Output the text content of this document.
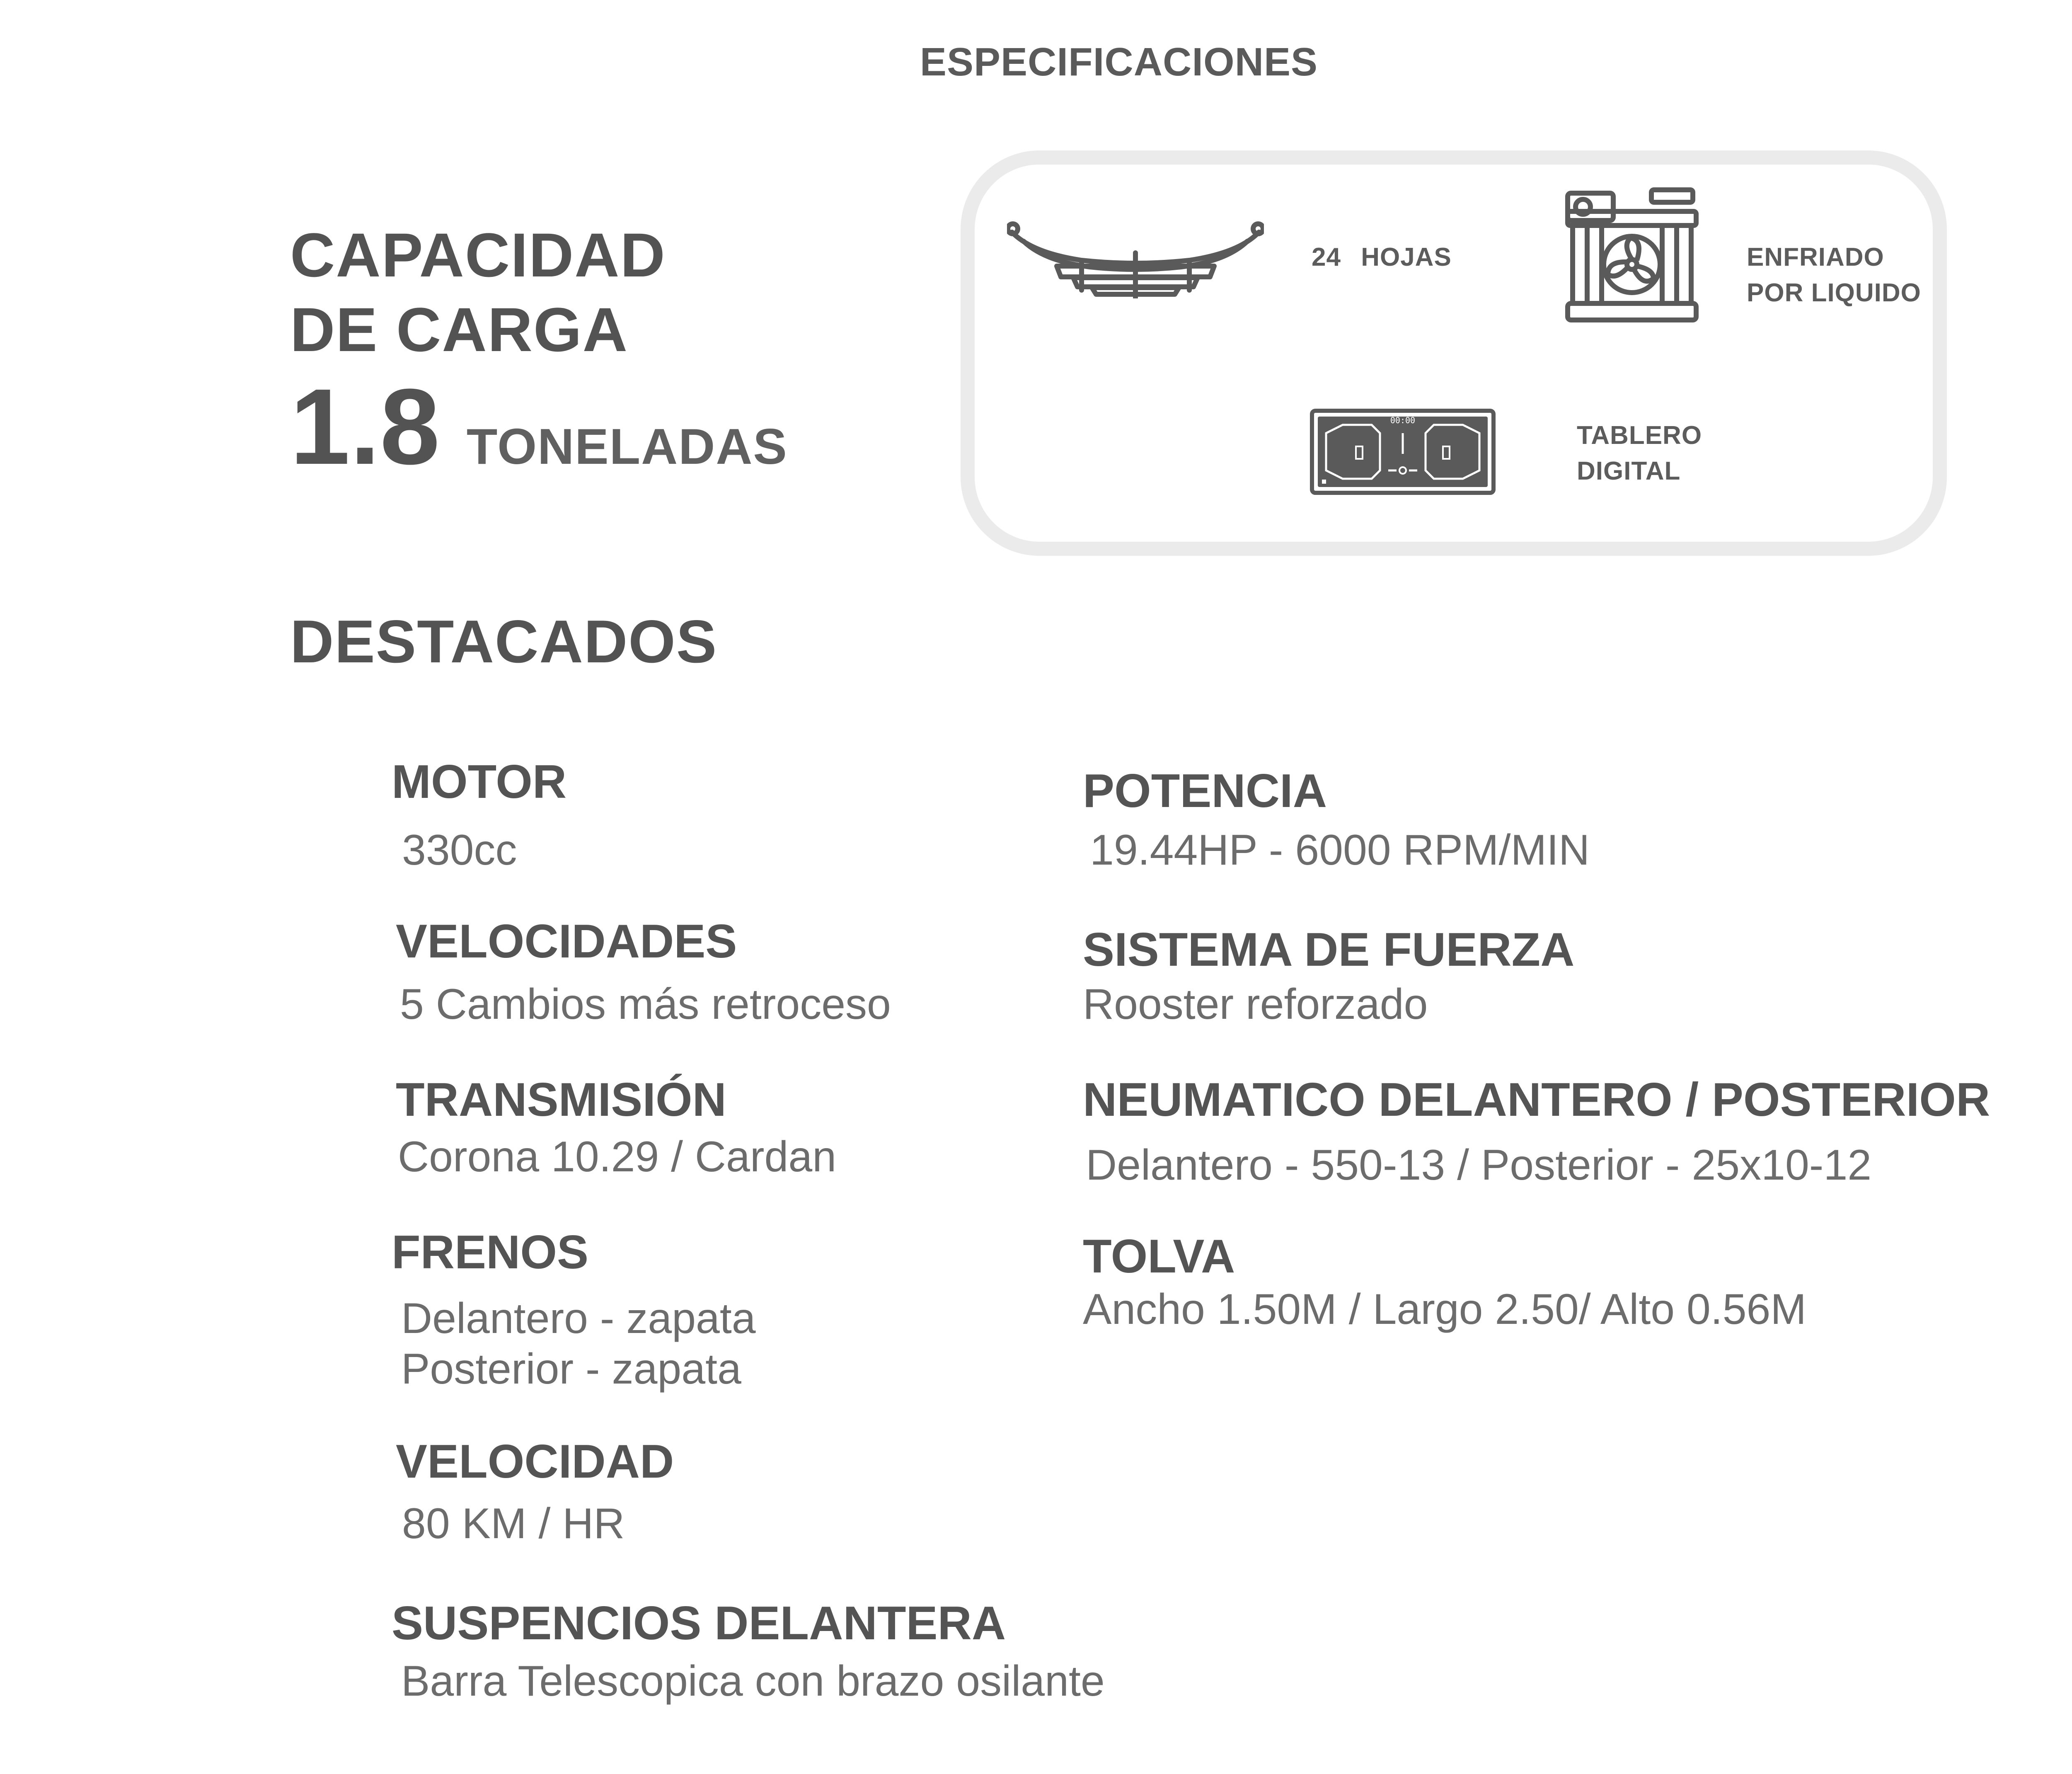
ESPECIFICACIONES
CAPACIDAD
DE CARGA
1.8 TONELADAS
24 HOJAS	ENFRIADO
POR LIQUIDO
00:00
TABLERO
DIGITAL
DESTACADOS
MOTOR
330cc
VELOCIDADES
5 Cambios más retroceso
TRANSMISIÓN
Corona 10.29 / Cardan
FRENOS
Delantero - zapata
Posterior - zapata
VELOCIDAD
80 KM / HR
SUSPENCIOS DELANTERA
Barra Telescopica con brazo osilante
POTENCIA
19.44HP - 6000 RPM/MIN
SISTEMA DE FUERZA
Rooster reforzado
NEUMATICO DELANTERO / POSTERIOR
Delantero - 550-13 / Posterior - 25x10-12
TOLVA
Ancho 1.50M / Largo 2.50/ Alto 0.56M
